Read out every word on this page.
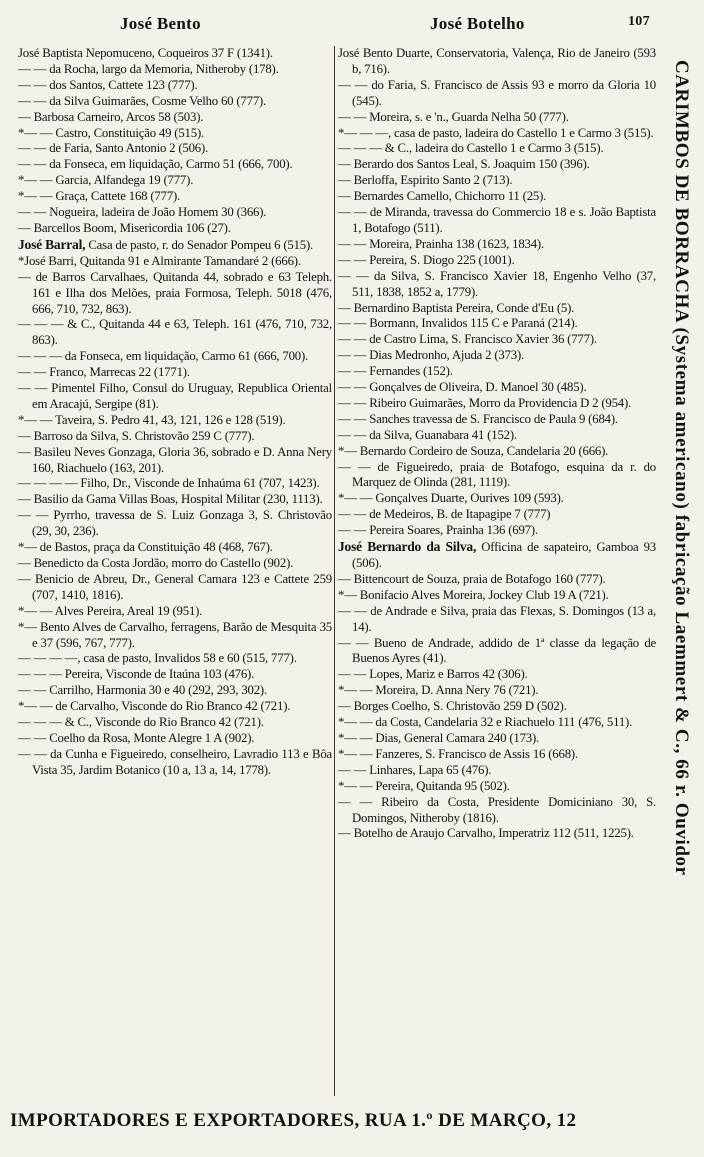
José Bento	José Botelho	107

José Baptista Nepomuceno, Coqueiros 37 F (1341).

— — da Rocha, largo da Memoria, Nitheroby (178).

— — dos Santos, Cattete 123 (777).

— — da Silva Guimarães, Cosme Velho 60 (777).

— Barbosa Carneiro, Arcos 58 (503).

*— — Castro, Constituição 49 (515).

— — de Faria, Santo Antonio 2 (506).

— — da Fonseca, em liquidação, Carmo 51 (666, 700).

*— — Garcia, Alfandega 19 (777).

*— — Graça, Cattete 168 (777).

— — Nogueira, ladeira de João Homem 30 (366).

— Barcellos Boom, Misericordia 106 (27).

José Barral, Casa de pasto, r. do Senador Pompeu 6 (515).

*José Barri, Quitanda 91 e Almirante Tamandaré 2 (666).

— de Barros Carvalhaes, Quitanda 44, sobrado e 63 Teleph. 161 e Ilha dos Melões, praia Formosa, Teleph. 5018 (476, 666, 710, 732, 863).

— — — & C., Quitanda 44 e 63, Teleph. 161 (476, 710, 732, 863).

— — — da Fonseca, em liquidação, Carmo 61 (666, 700).

— — Franco, Marrecas 22 (1771).

— — Pimentel Filho, Consul do Uruguay, Republica Oriental em Aracajú, Sergipe (81).

*— — Taveira, S. Pedro 41, 43, 121, 126 e 128 (519).

— Barroso da Silva, S. Christovão 259 C (777).

— Basileu Neves Gonzaga, Gloria 36, sobrado e D. Anna Nery 160, Riachuelo (163, 201).

— — — — Filho, Dr., Visconde de Inhaúma 61 (707, 1423).

— Basilio da Gama Villas Boas, Hospital Militar (230, 1113).

— — Pyrrho, travessa de S. Luiz Gonzaga 3, S. Christovão (29, 30, 236).

*— de Bastos, praça da Constituição 48 (468, 767).

— Benedicto da Costa Jordão, morro do Castello (902).

— Benicio de Abreu, Dr., General Camara 123 e Cattete 259 (707, 1410, 1816).

*— — Alves Pereira, Areal 19 (951).

*— Bento Alves de Carvalho, ferragens, Barão de Mesquita 35 e 37 (596, 767, 777).

— — — —, casa de pasto, Invalidos 58 e 60 (515, 777).

— — — Pereira, Visconde de Itaúna 103 (476).

— — Carrilho, Harmonia 30 e 40 (292, 293, 302).

*— — de Carvalho, Visconde do Rio Branco 42 (721).

— — — & C., Visconde do Rio Branco 42 (721).

— — Coelho da Rosa, Monte Alegre 1 A (902).

— — da Cunha e Figueiredo, conselheiro, Lavradio 113 e Bôa Vista 35, Jardim Botanico (10 a, 13 a, 14, 1778).

José Bento Duarte, Conservatoria, Valença, Rio de Janeiro (593 b, 716).

— — do Faria, S. Francisco de Assis 93 e morro da Gloria 10 (545).

— — Moreira, s. e 'n., Guarda Nelha 50 (777).

*— — —, casa de pasto, ladeira do Castello 1 e Carmo 3 (515).

— — — & C., ladeira do Castello 1 e Carmo 3 (515).

— Berardo dos Santos Leal, S. Joaquim 150 (396).

— Berloffa, Espirito Santo 2 (713).

— Bernardes Camello, Chichorro 11 (25).

— — de Miranda, travessa do Commercio 18 e s. João Baptista 1, Botafogo (511).

— — Moreira, Prainha 138 (1623, 1834).

— — Pereira, S. Diogo 225 (1001).

— — da Silva, S. Francisco Xavier 18, Engenho Velho (37, 511, 1838, 1852 a, 1779).

— Bernardino Baptista Pereira, Conde d'Eu (5).

— — Bormann, Invalidos 115 C e Paraná (214).

— — de Castro Lima, S. Francisco Xavier 36 (777).

— — Dias Medronho, Ajuda 2 (373).

— — Fernandes (152).

— — Gonçalves de Oliveira, D. Manoel 30 (485).

— — Ribeiro Guimarães, Morro da Providencia D 2 (954).

— — Sanches travessa de S. Francisco de Paula 9 (684).

— — da Silva, Guanabara 41 (152).

*— Bernardo Cordeiro de Souza, Candelaria 20 (666).

— — de Figueiredo, praia de Botafogo, esquina da r. do Marquez de Olinda (281, 1119).

*— — Gonçalves Duarte, Ourives 109 (593).

— — de Medeiros, B. de Itapagipe 7 (777)

— — Pereira Soares, Prainha 136 (697).

José Bernardo da Silva, Officina de sapateiro, Gamboa 93 (506).

— Bittencourt de Souza, praia de Botafogo 160 (777).

*— Bonifacio Alves Moreira, Jockey Club 19 A (721).

— — de Andrade e Silva, praia das Flexas, S. Domingos (13 a, 14).

— — Bueno de Andrade, addido de 1ª classe da legação de Buenos Ayres (41).

— — Lopes, Mariz e Barros 42 (306).

*— — Moreira, D. Anna Nery 76 (721).

— Borges Coelho, S. Christovão 259 D (502).

*— — da Costa, Candelaria 32 e Riachuelo 111 (476, 511).

*— — Dias, General Camara 240 (173).

*— — Fanzeres, S. Francisco de Assis 16 (668).

— — Linhares, Lapa 65 (476).

*— — Pereira, Quitanda 95 (502).

— — Ribeiro da Costa, Presidente Domiciniano 30, S. Domingos, Nitheroby (1816).

— Botelho de Araujo Carvalho, Imperatriz 112 (511, 1225).	CARIMBOS DE BORRACHA (Systema americano) fabricação Laemmert & C., 66 r. Ouvidor
IMPORTADORES E EXPORTADORES, RUA 1.º DE MARÇO, 12
